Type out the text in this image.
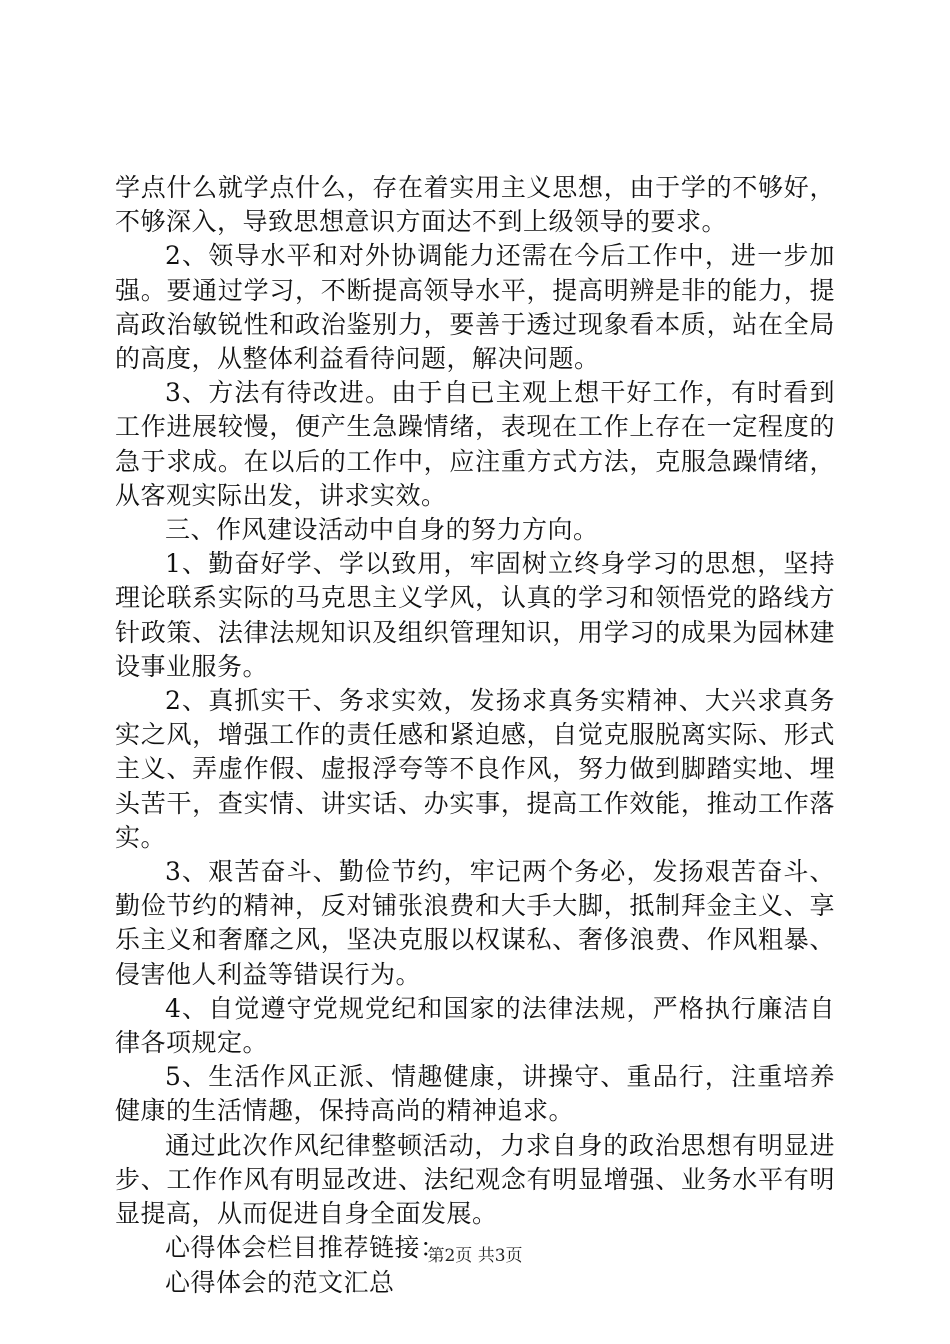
学点什么就学点什么，存在着实用主义思想，由于学的不够好，不够深入，导致思想意识方面达不到上级领导的要求。

2、领导水平和对外协调能力还需在今后工作中，进一步加强。要通过学习，不断提高领导水平，提高明辨是非的能力，提高政治敏锐性和政治鉴别力，要善于透过现象看本质，站在全局的高度，从整体利益看待问题，解决问题。

3、方法有待改进。由于自已主观上想干好工作，有时看到工作进展较慢，便产生急躁情绪，表现在工作上存在一定程度的急于求成。在以后的工作中，应注重方式方法，克服急躁情绪，从客观实际出发，讲求实效。

三、作风建设活动中自身的努力方向。

1、勤奋好学、学以致用，牢固树立终身学习的思想，坚持理论联系实际的马克思主义学风，认真的学习和领悟党的路线方针政策、法律法规知识及组织管理知识，用学习的成果为园林建设事业服务。

2、真抓实干、务求实效，发扬求真务实精神、大兴求真务实之风，增强工作的责任感和紧迫感，自觉克服脱离实际、形式主义、弄虚作假、虚报浮夸等不良作风，努力做到脚踏实地、埋头苦干，查实情、讲实话、办实事，提高工作效能，推动工作落实。

3、艰苦奋斗、勤俭节约，牢记两个务必，发扬艰苦奋斗、勤俭节约的精神，反对铺张浪费和大手大脚，抵制拜金主义、享乐主义和奢靡之风，坚决克服以权谋私、奢侈浪费、作风粗暴、侵害他人利益等错误行为。

4、自觉遵守党规党纪和国家的法律法规，严格执行廉洁自律各项规定。

5、生活作风正派、情趣健康，讲操守、重品行，注重培养健康的生活情趣，保持高尚的精神追求。

通过此次作风纪律整顿活动，力求自身的政治思想有明显进步、工作作风有明显改进、法纪观念有明显增强、业务水平有明显提高，从而促进自身全面发展。

心得体会栏目推荐链接：

心得体会的范文汇总

第2页 共3页
